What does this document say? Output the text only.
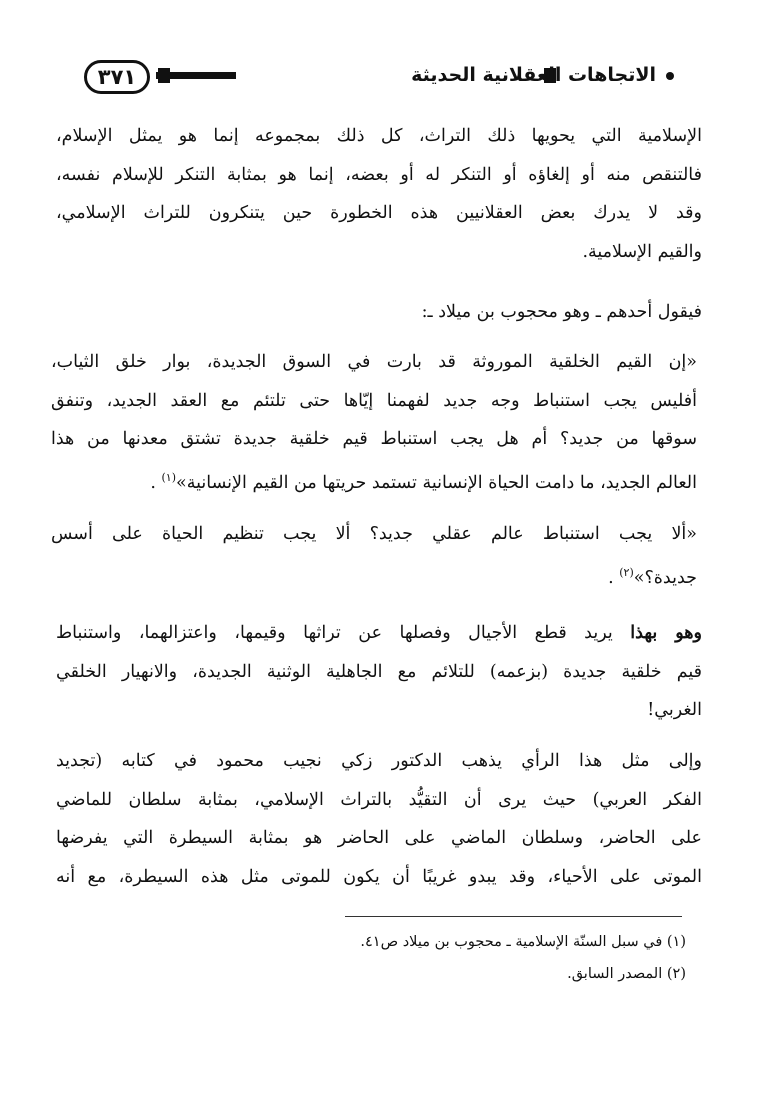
٣٧١	الاتجاهات العقلانية الحديثة

الإسلامية التي يحويها ذلك التراث، كل ذلك بمجموعه إنما هو يمثل الإسلام،
فالتنقص منه أو إلغاؤه أو التنكر له أو بعضه، إنما هو بمثابة التنكر للإسلام نفسه،
وقد لا يدرك بعض العقلانيين هذه الخطورة حين يتنكرون للتراث الإسلامي،
والقيم الإسلامية.

فيقول أحدهم ـ وهو محجوب بن ميلاد ـ:

«إن القيم الخلقية الموروثة قد بارت في السوق الجديدة، بوار خلق الثياب،
أفليس يجب استنباط وجه جديد لفهمنا إيّاها حتى تلتئم مع العقد الجديد، وتنفق
سوقها من جديد؟ أم هل يجب استنباط قيم خلقية جديدة تشتق معدنها من هذا
العالم الجديد، ما دامت الحياة الإنسانية تستمد حريتها من القيم الإنسانية»$^{(١)}$ .

«ألا يجب استنباط عالم عقلي جديد؟ ألا يجب تنظيم الحياة على أسس
جديدة؟»$^{(٢)}$ .

وهو بهذا يريد قطع الأجيال وفصلها عن تراثها وقيمها، واعتزالهما، واستنباط
قيم خلقية جديدة (بزعمه) للتلائم مع الجاهلية الوثنية الجديدة، والانهيار الخلقي
الغربي!

وإلى مثل هذا الرأي يذهب الدكتور زكي نجيب محمود في كتابه (تجديد
الفكر العربي) حيث يرى أن التقيُّد بالتراث الإسلامي، بمثابة سلطان للماضي
على الحاضر، وسلطان الماضي على الحاضر هو بمثابة السيطرة التي يفرضها
الموتى على الأحياء، وقد يبدو غريبًا أن يكون للموتى مثل هذه السيطرة، مع أنه

(١) في سبل السنّة الإسلامية ـ محجوب بن ميلاد ص٤١.
(٢) المصدر السابق.
